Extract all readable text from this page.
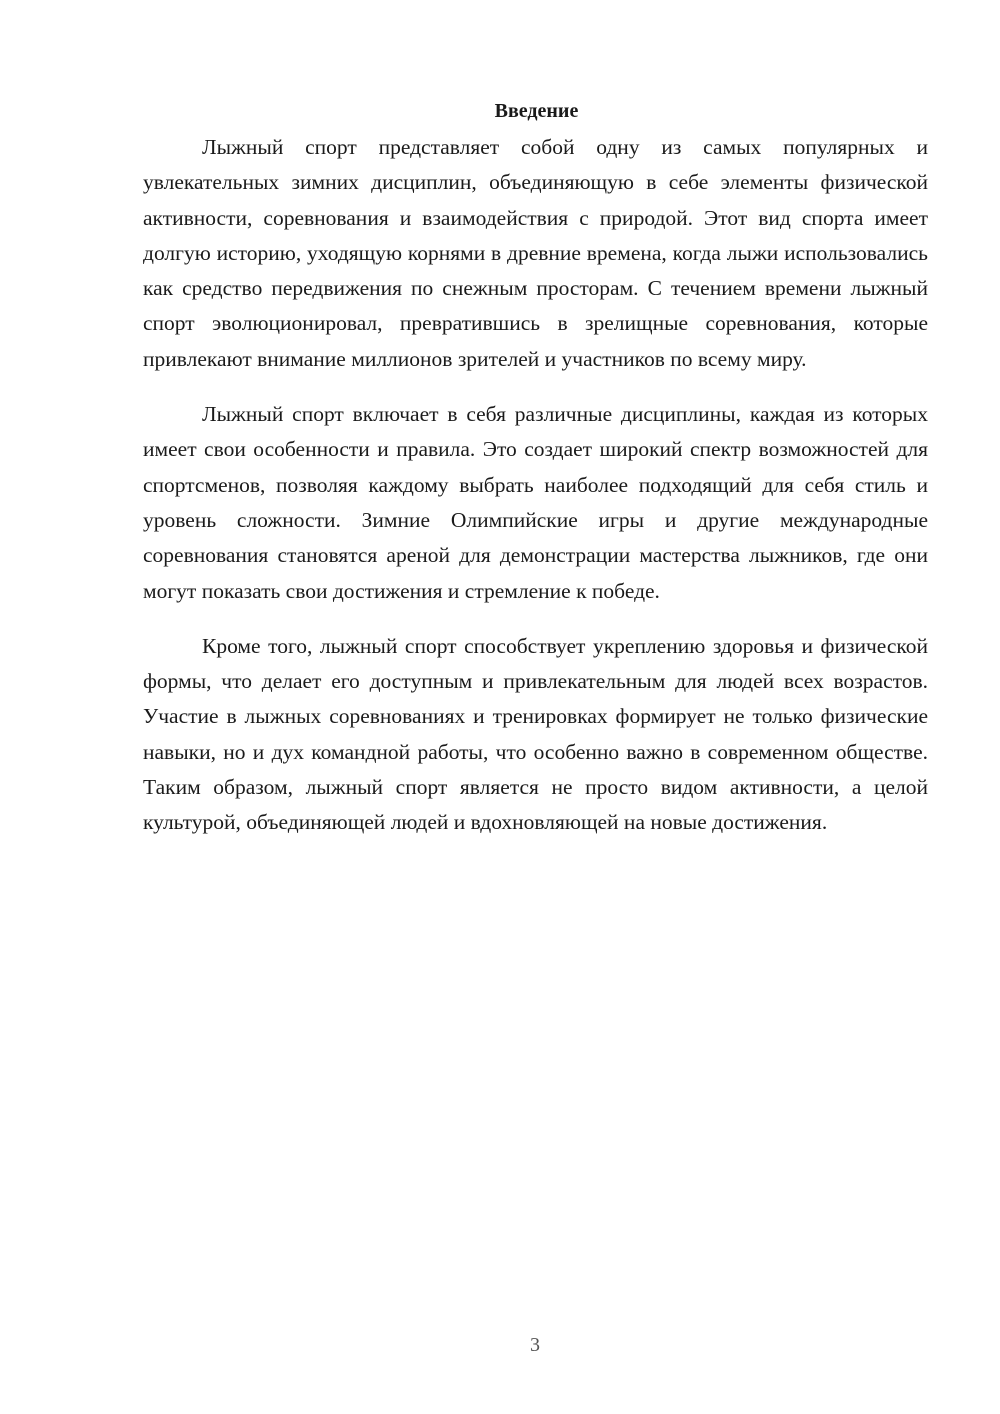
Введение

Лыжный спорт представляет собой одну из самых популярных и увлекательных зимних дисциплин, объединяющую в себе элементы физической активности, соревнования и взаимодействия с природой. Этот вид спорта имеет долгую историю, уходящую корнями в древние времена, когда лыжи использовались как средство передвижения по снежным просторам. С течением времени лыжный спорт эволюционировал, превратившись в зрелищные соревнования, которые привлекают внимание миллионов зрителей и участников по всему миру.

Лыжный спорт включает в себя различные дисциплины, каждая из которых имеет свои особенности и правила. Это создает широкий спектр возможностей для спортсменов, позволяя каждому выбрать наиболее подходящий для себя стиль и уровень сложности. Зимние Олимпийские игры и другие международные соревнования становятся ареной для демонстрации мастерства лыжников, где они могут показать свои достижения и стремление к победе.

Кроме того, лыжный спорт способствует укреплению здоровья и физической формы, что делает его доступным и привлекательным для людей всех возрастов. Участие в лыжных соревнованиях и тренировках формирует не только физические навыки, но и дух командной работы, что особенно важно в современном обществе. Таким образом, лыжный спорт является не просто видом активности, а целой культурой, объединяющей людей и вдохновляющей на новые достижения.

3
